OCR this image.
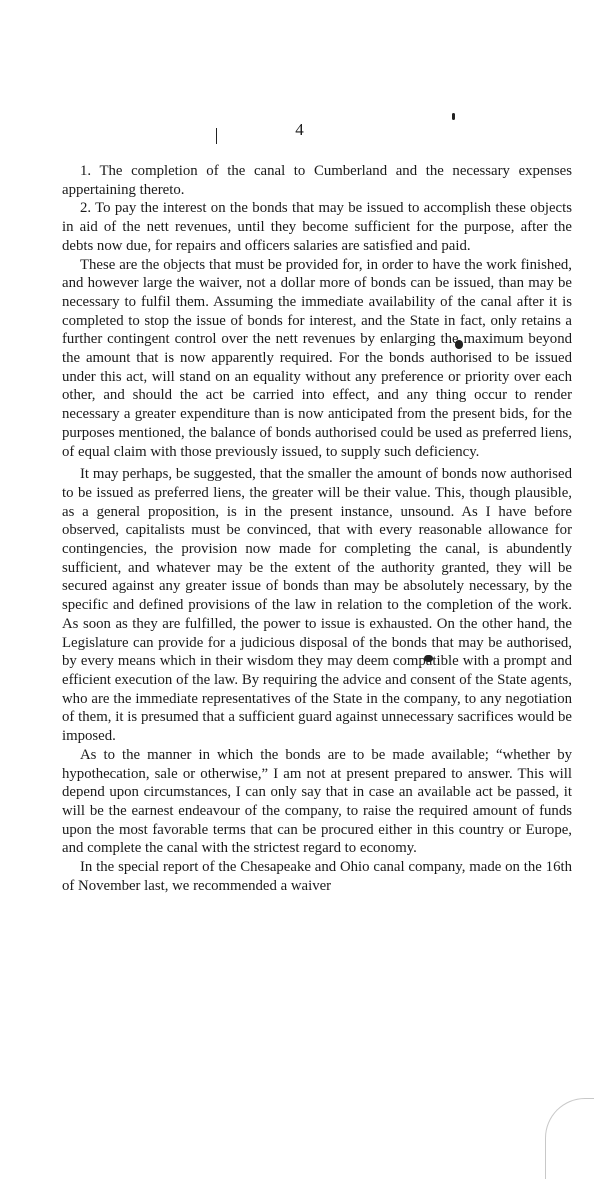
4

1. The completion of the canal to Cumberland and the necessary expenses appertaining thereto.

2. To pay the interest on the bonds that may be issued to accomplish these objects in aid of the nett revenues, until they become sufficient for the purpose, after the debts now due, for repairs and officers salaries are satisfied and paid.

These are the objects that must be provided for, in order to have the work finished, and however large the waiver, not a dollar more of bonds can be issued, than may be necessary to fulfil them. Assuming the immediate availability of the canal after it is completed to stop the issue of bonds for interest, and the State in fact, only retains a further contingent control over the nett revenues by enlarging the maximum beyond the amount that is now apparently required. For the bonds authorised to be issued under this act, will stand on an equality without any preference or priority over each other, and should the act be carried into effect, and any thing occur to render necessary a greater expenditure than is now anticipated from the present bids, for the purposes mentioned, the balance of bonds authorised could be used as preferred liens, of equal claim with those previously issued, to supply such deficiency.

It may perhaps, be suggested, that the smaller the amount of bonds now authorised to be issued as preferred liens, the greater will be their value. This, though plausible, as a general proposition, is in the present instance, unsound. As I have before observed, capitalists must be convinced, that with every reasonable allowance for contingencies, the provision now made for completing the canal, is abundently sufficient, and whatever may be the extent of the authority granted, they will be secured against any greater issue of bonds than may be absolutely necessary, by the specific and defined provisions of the law in relation to the completion of the work. As soon as they are fulfilled, the power to issue is exhausted. On the other hand, the Legislature can provide for a judicious disposal of the bonds that may be authorised, by every means which in their wisdom they may deem compatible with a prompt and efficient execution of the law. By requiring the advice and consent of the State agents, who are the immediate representatives of the State in the company, to any negotiation of them, it is presumed that a sufficient guard against unnecessary sacrifices would be imposed.

As to the manner in which the bonds are to be made available; “whether by hypothecation, sale or otherwise,” I am not at present prepared to answer. This will depend upon circumstances, I can only say that in case an available act be passed, it will be the earnest endeavour of the company, to raise the required amount of funds upon the most favorable terms that can be procured either in this country or Europe, and complete the canal with the strictest regard to economy.

In the special report of the Chesapeake and Ohio canal company, made on the 16th of November last, we recommended a waiver
